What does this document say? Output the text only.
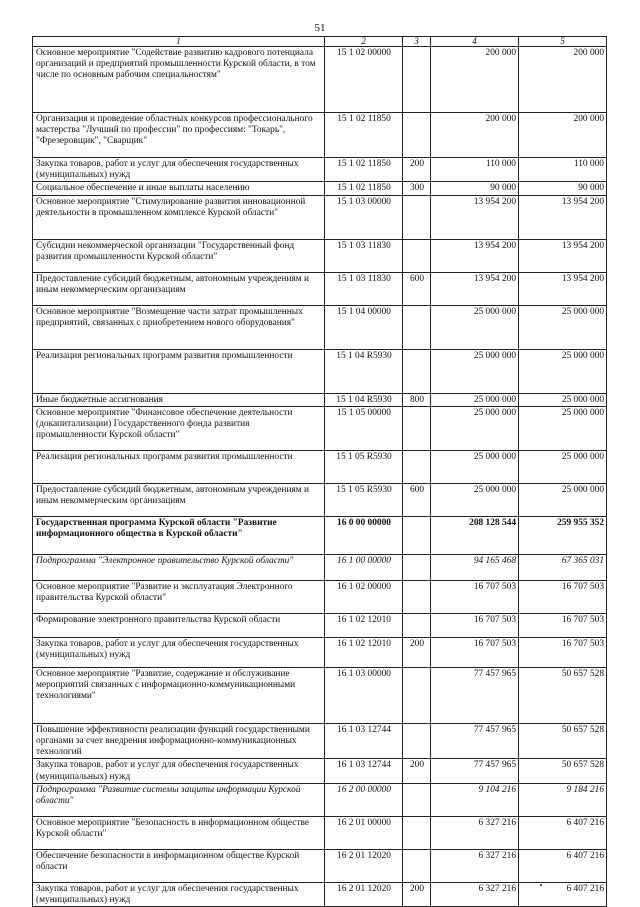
51
1	2	3	4	5
Основное мероприятие "Содействие развитию кадрового потенциала организаций и предприятий промышленности Курской области, в том числе по основным рабочим специальностям"	15 1 02 00000		200 000	200 000
Организация и проведение областных конкурсов профессионального мастерства "Лучший по профессии" по профессиям: "Токарь", "Фрезеровщик", "Сварщик"	15 1 02 11850		200 000	200 000
Закупка товаров, работ и услуг для обеспечения государственных (муниципальных) нужд	15 1 02 11850	200	110 000	110 000
Социальное обеспечение и иные выплаты населению	15 1 02 11850	300	90 000	90 000
Основное мероприятие "Стимулирование развития инновационной деятельности в промышленном комплексе Курской области"	15 1 03 00000		13 954 200	13 954 200
Субсидии некоммерческой организации "Государственный фонд развития промышленности Курской области"	15 1 03 11830		13 954 200	13 954 200
Предоставление субсидий бюджетным, автономным учреждениям и иным некоммерческим организациям	15 1 03 11830	600	13 954 200	13 954 200
Основное мероприятие "Возмещение части затрат промышленных предприятий, связанных с приобретением нового оборудования"	15 1 04 00000		25 000 000	25 000 000
Реализация региональных программ развития промышленности	15 1 04 R5930		25 000 000	25 000 000
Иные бюджетные ассигнования	15 1 04 R5930	800	25 000 000	25 000 000
Основное мероприятие "Финансовое обеспечение деятельности (докапитализации) Государственного фонда развития промышленности Курской области"	15 1 05 00000		25 000 000	25 000 000
Реализация региональных программ развития промышленности	15 1 05 R5930		25 000 000	25 000 000
Предоставление субсидий бюджетным, автономным учреждениям и иным некоммерческим организациям	15 1 05 R5930	600	25 000 000	25 000 000
Государственная программа Курской области "Развитие информационного общества в Курской области"	16 0 00 00000		208 128 544	259 955 352
Подпрограмма "Электронное правительство Курской области"	16 1 00 00000		94 165 468	67 365 031
Основное мероприятие "Развитие и эксплуатация Электронного правительства Курской области"	16 1 02 00000		16 707 503	16 707 503
Формирование электронного правительства Курской области	16 1 02 12010		16 707 503	16 707 503
Закупка товаров, работ и услуг для обеспечения государственных (муниципальных) нужд	16 1 02 12010	200	16 707 503	16 707 503
Основное мероприятие "Развитие, содержание и обслуживание мероприятий связанных с информационно-коммуникационными технологиями"	16 1 03 00000		77 457 965	50 657 528
Повышение эффективности реализации функций государственными органами за счет внедрения информационно-коммуникационных технологий	16 1 03 12744		77 457 965	50 657 528
Закупка товаров, работ и услуг для обеспечения государственных (муниципальных) нужд	16 1 03 12744	200	77 457 965	50 657 528
Подпрограмма "Развитие системы защиты информации Курской области"	16 2 00 00000		9 104 216	9 184 216
Основное мероприятие "Безопасность в информационном обществе Курской области"	16 2 01 00000		6 327 216	6 407 216
Обеспечение безопасности в информационном обществе Курской области	16 2 01 12020		6 327 216	6 407 216
Закупка товаров, работ и услуг для обеспечения государственных (муниципальных) нужд	16 2 01 12020	200	6 327 216	6 407 216
